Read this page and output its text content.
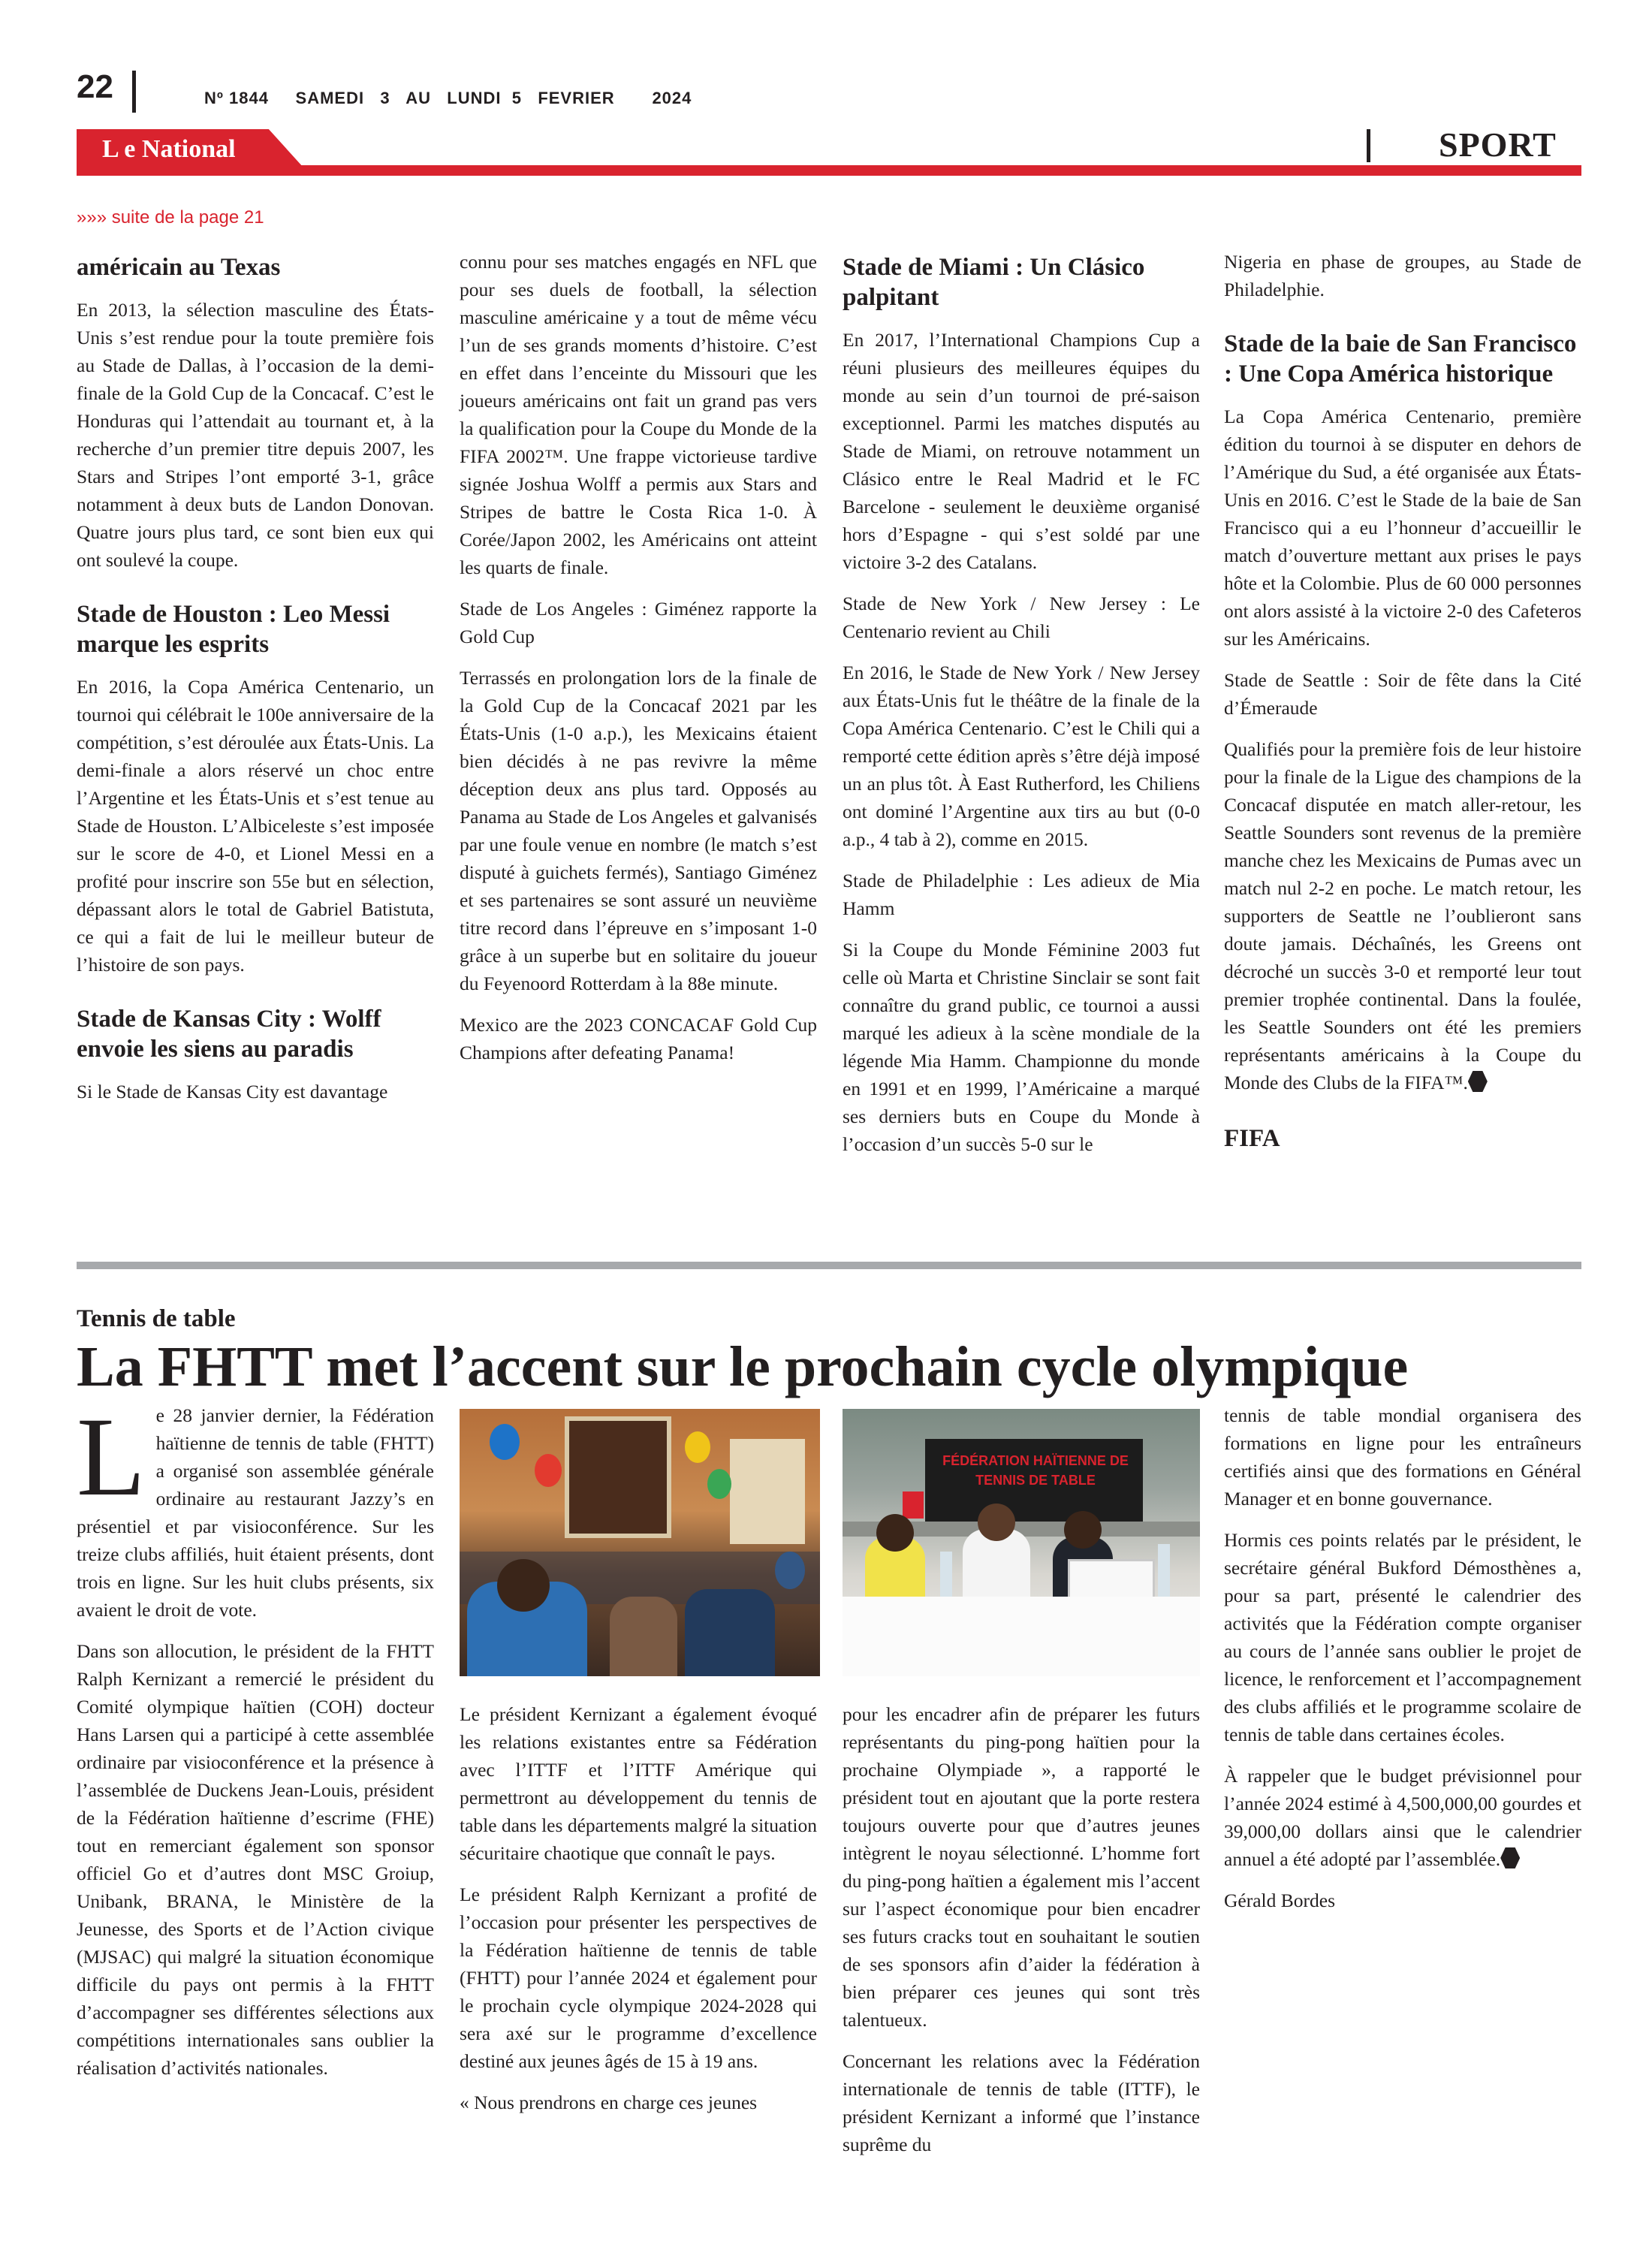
22	Nº 1844     SAMEDI   3   AU   LUNDI  5   FEVRIER       2024
L e National	SPORT
»»» suite de la page 21
américain au Texas

En 2013, la sélection masculine des États-Unis s’est rendue pour la toute première fois au Stade de Dallas, à l’occasion de la demi-finale de la Gold Cup de la Concacaf. C’est le Honduras qui l’attendait au tournant et, à la recherche d’un premier titre depuis 2007, les Stars and Stripes l’ont emporté 3-1, grâce notamment à deux buts de Landon Donovan. Quatre jours plus tard, ce sont bien eux qui ont soulevé la coupe.

Stade de Houston : Leo Messi marque les esprits

En 2016, la Copa América Centenario, un tournoi qui célébrait le 100e anniversaire de la compétition, s’est déroulée aux États-Unis. La demi-finale a alors réservé un choc entre l’Argentine et les États-Unis et s’est tenue au Stade de Houston. L’Albiceleste s’est imposée sur le score de 4-0, et Lionel Messi en a profité pour inscrire son 55e but en sélection, dépassant alors le total de Gabriel Batistuta, ce qui a fait de lui le meilleur buteur de l’histoire de son pays.

Stade de Kansas City : Wolff envoie les siens au paradis

Si le Stade de Kansas City est davantage

connu pour ses matches engagés en NFL que pour ses duels de football, la sélection masculine américaine y a tout de même vécu l’un de ses grands moments d’histoire. C’est en effet dans l’enceinte du Missouri que les joueurs américains ont fait un grand pas vers la qualification pour la Coupe du Monde de la FIFA 2002™. Une frappe victorieuse tardive signée Joshua Wolff a permis aux Stars and Stripes de battre le Costa Rica 1-0. À Corée/Japon 2002, les Américains ont atteint les quarts de finale.

Stade de Los Angeles : Giménez rapporte la Gold Cup

Terrassés en prolongation lors de la finale de la Gold Cup de la Concacaf 2021 par les États-Unis (1-0 a.p.), les Mexicains étaient bien décidés à ne pas revivre la même déception deux ans plus tard. Opposés au Panama au Stade de Los Angeles et galvanisés par une foule venue en nombre (le match s’est disputé à guichets fermés), Santiago Giménez et ses partenaires se sont assuré un neuvième titre record dans l’épreuve en s’imposant 1-0 grâce à un superbe but en solitaire du joueur du Feyenoord Rotterdam à la 88e minute.

Mexico are the 2023 CONCACAF Gold Cup Champions after defeating Panama!

Stade de Miami : Un Clásico palpitant

En 2017, l’International Champions Cup a réuni plusieurs des meilleures équipes du monde au sein d’un tournoi de pré-saison exceptionnel. Parmi les matches disputés au Stade de Miami, on retrouve notamment un Clásico entre le Real Madrid et le FC Barcelone - seulement le deuxième organisé hors d’Espagne - qui s’est soldé par une victoire 3-2 des Catalans.

Stade de New York / New Jersey : Le Centenario revient au Chili

En 2016, le Stade de New York / New Jersey aux États-Unis fut le théâtre de la finale de la Copa América Centenario. C’est le Chili qui a remporté cette édition après s’être déjà imposé un an plus tôt. À East Rutherford, les Chiliens ont dominé l’Argentine aux tirs au but (0-0 a.p., 4 tab à 2), comme en 2015.

Stade de Philadelphie : Les adieux de Mia Hamm

Si la Coupe du Monde Féminine 2003 fut celle où Marta et Christine Sinclair se sont fait connaître du grand public, ce tournoi a aussi marqué les adieux à la scène mondiale de la légende Mia Hamm. Championne du monde en 1991 et en 1999, l’Américaine a marqué ses derniers buts en Coupe du Monde à l’occasion d’un succès 5-0 sur le

Nigeria en phase de groupes, au Stade de Philadelphie.

Stade de la baie de San Francisco : Une Copa América historique

La Copa América Centenario, première édition du tournoi à se disputer en dehors de l’Amérique du Sud, a été organisée aux États-Unis en 2016. C’est le Stade de la baie de San Francisco qui a eu l’honneur d’accueillir le match d’ouverture mettant aux prises le pays hôte et la Colombie. Plus de 60 000 personnes ont alors assisté à la victoire 2-0 des Cafeteros sur les Américains.

Stade de Seattle : Soir de fête dans la Cité d’Émeraude

Qualifiés pour la première fois de leur histoire pour la finale de la Ligue des champions de la Concacaf disputée en match aller-retour, les Seattle Sounders sont revenus de la première manche chez les Mexicains de Pumas avec un match nul 2-2 en poche. Le match retour, les supporters de Seattle ne l’oublieront sans doute jamais. Déchaînés, les Greens ont décroché un succès 3-0 et remporté leur tout premier trophée continental. Dans la foulée, les Seattle Sounders ont été les premiers représentants américains à la Coupe du Monde des Clubs de la FIFA™.

FIFA
Tennis de table
La FHTT met l’accent sur le prochain cycle olympique

Le 28 janvier dernier, la Fédération haïtienne de tennis de table (FHTT) a organisé son assemblée générale ordinaire au restaurant Jazzy’s en présentiel et par visioconférence. Sur les treize clubs affiliés, huit étaient présents, dont trois en ligne. Sur les huit clubs présents, six avaient le droit de vote.

Dans son allocution, le président de la FHTT Ralph Kernizant a remercié le président du Comité olympique haïtien (COH) docteur Hans Larsen qui a participé à cette assemblée ordinaire par visioconférence et la présence à l’assemblée de Duckens Jean-Louis, président de la Fédération haïtienne d’escrime (FHE) tout en remerciant également son sponsor officiel Go et d’autres dont MSC Groiup, Unibank, BRANA, le Ministère de la Jeunesse, des Sports et de l’Action civique (MJSAC) qui malgré la situation économique difficile du pays ont permis à la FHTT d’accompagner ses différentes sélections aux compétitions internationales sans oublier la réalisation d’activités nationales.

FÉDÉRATION HAÏTIENNE DE TENNIS DE TABLE

Le président Kernizant a également évoqué les relations existantes entre sa Fédération avec l’ITTF et l’ITTF Amérique qui permettront au développement du tennis de table dans les départements malgré la situation sécuritaire chaotique que connaît le pays.

Le président Ralph Kernizant a profité de l’occasion pour présenter les perspectives de la Fédération haïtienne de tennis de table (FHTT) pour l’année 2024 et également pour le prochain cycle olympique 2024-2028 qui sera axé sur le programme d’excellence destiné aux jeunes âgés de 15 à 19 ans.

« Nous prendrons en charge ces jeunes

pour les encadrer afin de préparer les futurs représentants du ping-pong haïtien pour la prochaine Olympiade », a rapporté le président tout en ajoutant que la porte restera toujours ouverte pour que d’autres jeunes intègrent le noyau sélectionné. L’homme fort du ping-pong haïtien a également mis l’accent sur l’aspect économique pour bien encadrer ses futurs cracks tout en souhaitant le soutien de ses sponsors afin d’aider la fédération à bien préparer ces jeunes qui sont très talentueux.

Concernant les relations avec la Fédération internationale de tennis de table (ITTF), le président Kernizant a informé que l’instance suprême du

tennis de table mondial organisera des formations en ligne pour les entraîneurs certifiés ainsi que des formations en Général Manager et en bonne gouvernance.

Hormis ces points relatés par le président, le secrétaire général Bukford Démosthènes a, pour sa part, présenté le calendrier des activités que la Fédération compte organiser au cours de l’année sans oublier le projet de licence, le renforcement et l’accompagnement des clubs affiliés et le programme scolaire de tennis de table dans certaines écoles.

À rappeler que le budget prévisionnel pour l’année 2024 estimé à 4,500,000,00 gourdes et 39,000,00 dollars ainsi que le calendrier annuel a été adopté par l’assemblée.

Gérald Bordes
